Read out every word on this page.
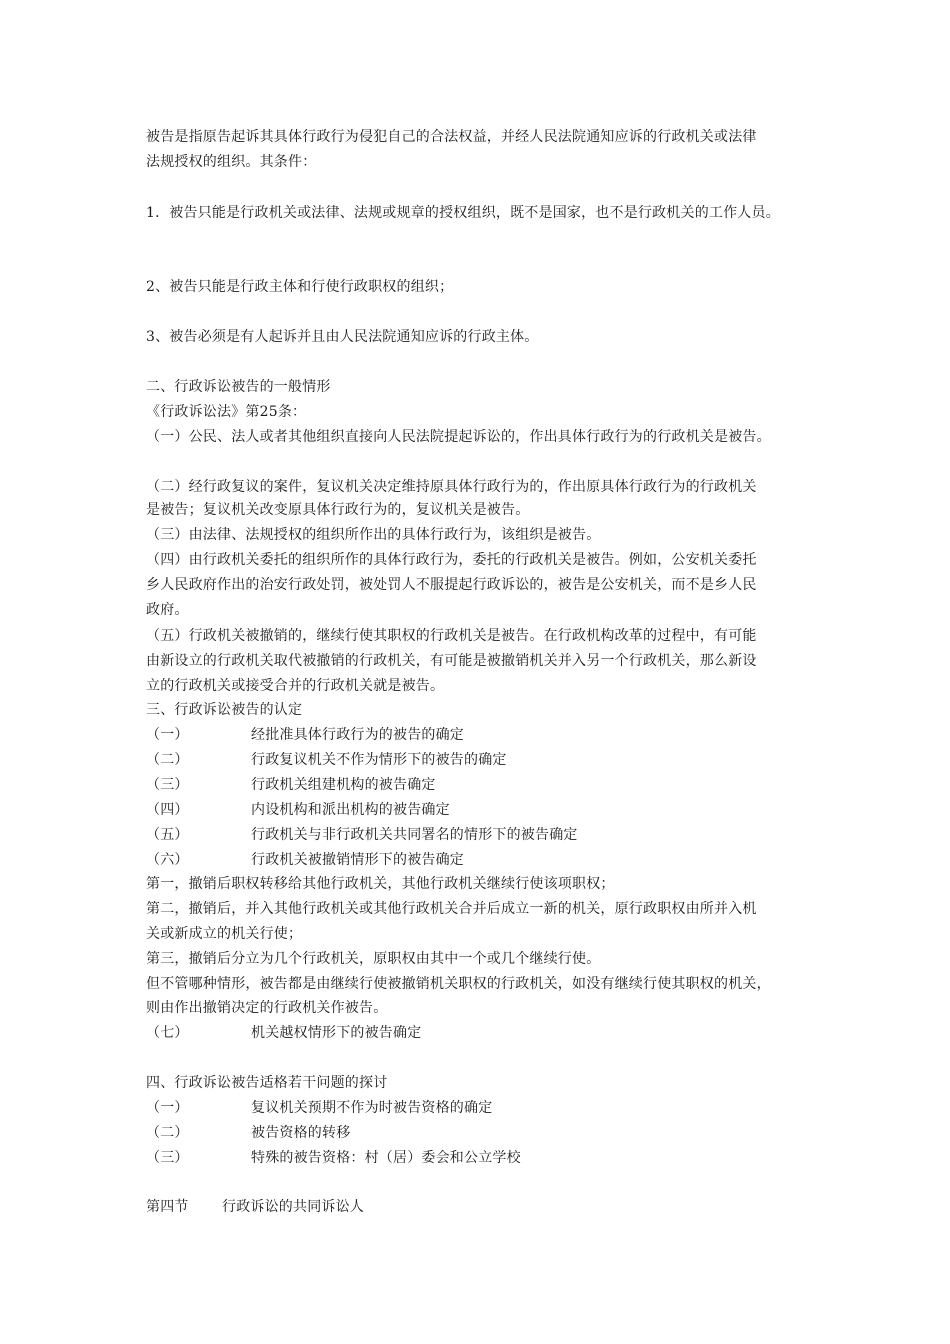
被告是指原告起诉其具体行政行为侵犯自己的合法权益，并经人民法院通知应诉的行政机关或法律
法规授权的组织。其条件：
1．被告只能是行政机关或法律、法规或规章的授权组织，既不是国家，也不是行政机关的工作人员。
2、被告只能是行政主体和行使行政职权的组织；
3、被告必须是有人起诉并且由人民法院通知应诉的行政主体。
二、行政诉讼被告的一般情形
《行政诉讼法》第25条：
（一）公民、法人或者其他组织直接向人民法院提起诉讼的，作出具体行政行为的行政机关是被告。
（二）经行政复议的案件，复议机关决定维持原具体行政行为的，作出原具体行政行为的行政机关
是被告；复议机关改变原具体行政行为的，复议机关是被告。
（三）由法律、法规授权的组织所作出的具体行政行为，该组织是被告。
（四）由行政机关委托的组织所作的具体行政行为，委托的行政机关是被告。例如，公安机关委托
乡人民政府作出的治安行政处罚，被处罚人不服提起行政诉讼的，被告是公安机关，而不是乡人民
政府。
（五）行政机关被撤销的，继续行使其职权的行政机关是被告。在行政机构改革的过程中，有可能
由新设立的行政机关取代被撤销的行政机关，有可能是被撤销机关并入另一个行政机关，那么新设
立的行政机关或接受合并的行政机关就是被告。
三、行政诉讼被告的认定
（一）	经批准具体行政行为的被告的确定
（二）	行政复议机关不作为情形下的被告的确定
（三）	行政机关组建机构的被告确定
（四）	内设机构和派出机构的被告确定
（五）	行政机关与非行政机关共同署名的情形下的被告确定
（六）	行政机关被撤销情形下的被告确定
第一，撤销后职权转移给其他行政机关，其他行政机关继续行使该项职权；
第二，撤销后，并入其他行政机关或其他行政机关合并后成立一新的机关，原行政职权由所并入机
关或新成立的机关行使；
第三，撤销后分立为几个行政机关，原职权由其中一个或几个继续行使。
但不管哪种情形，被告都是由继续行使被撤销机关职权的行政机关，如没有继续行使其职权的机关，
则由作出撤销决定的行政机关作被告。
（七）	机关越权情形下的被告确定
四、行政诉讼被告适格若干问题的探讨
（一）	复议机关预期不作为时被告资格的确定
（二）	被告资格的转移
（三）	特殊的被告资格：村（居）委会和公立学校
第四节 行政诉讼的共同诉讼人
